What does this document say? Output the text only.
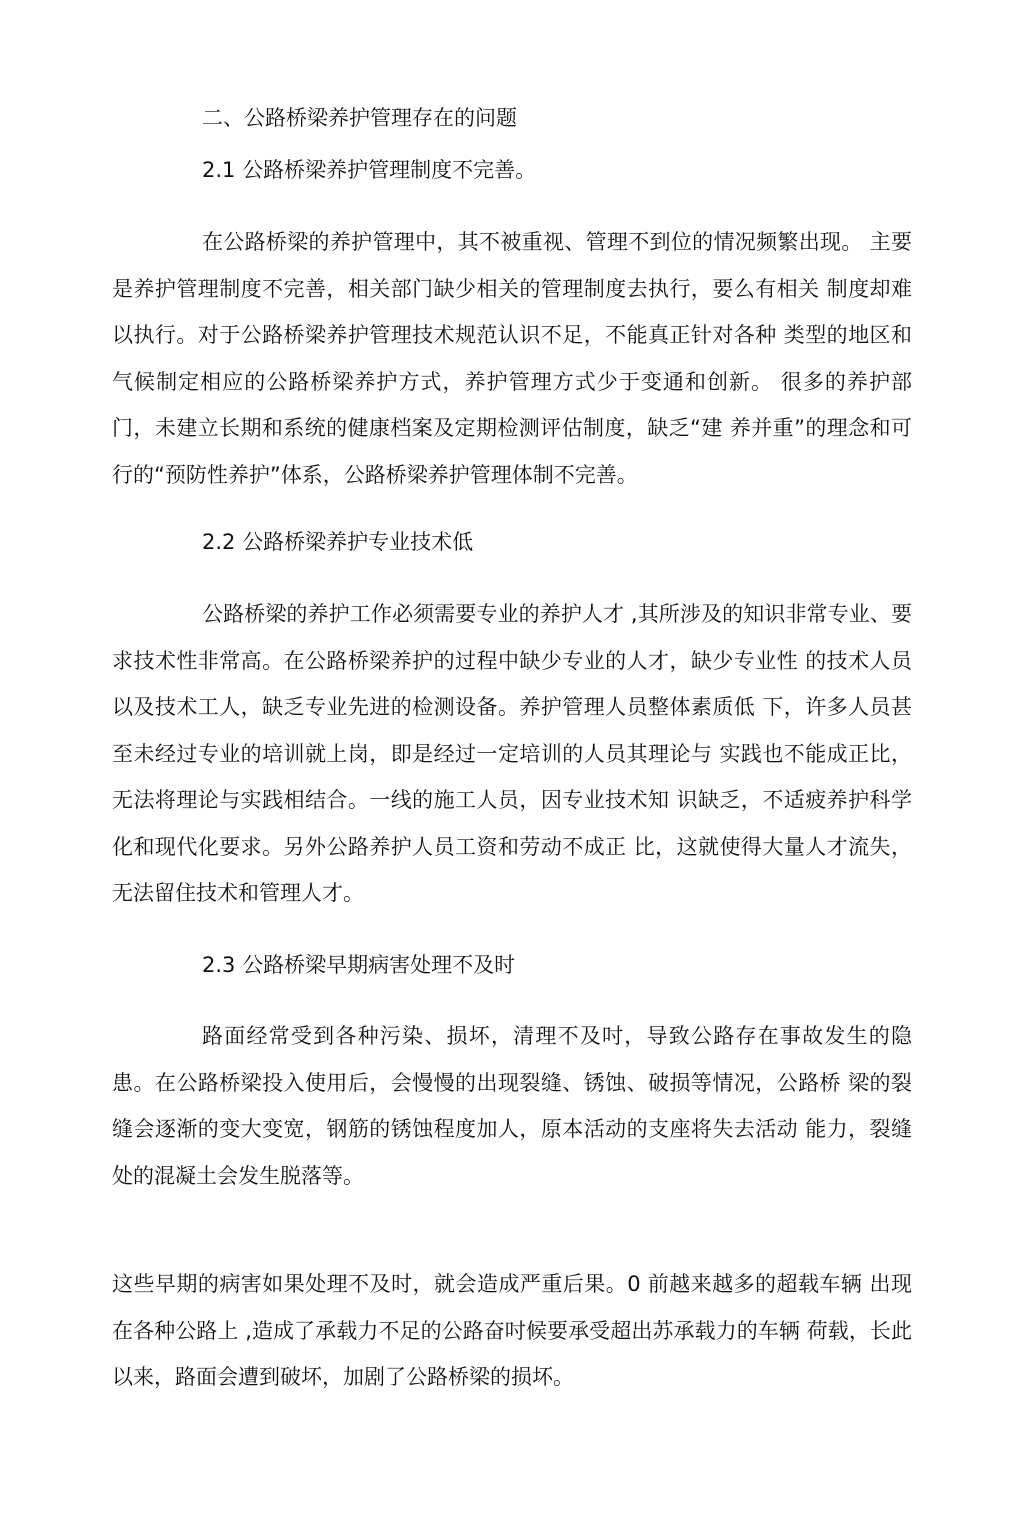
二、公路桥梁养护管理存在的问题
2.1 公路桥梁养护管理制度不完善。

在公路桥梁的养护管理中，其不被重视、管理不到位的情况频繁出现。 主要是养护管理制度不完善，相关部门缺少相关的管理制度去执行，要么有相关 制度却难以执行。对于公路桥梁养护管理技术规范认识不足，不能真正针对各种 类型的地区和气候制定相应的公路桥梁养护方式，养护管理方式少于变通和创新。 很多的养护部门，未建立长期和系统的健康档案及定期检测评估制度，缺乏“建 养并重”的理念和可行的“预防性养护”体系，公路桥梁养护管理体制不完善。

2.2 公路桥梁养护专业技术低

公路桥梁的养护工作必须需要专业的养护人才 ,其所涉及的知识非常专业、要求技术性非常高。在公路桥梁养护的过程中缺少专业的人才，缺少专业性 的技术人员以及技术工人，缺乏专业先进的检测设备。养护管理人员整体素质低 下，许多人员甚至未经过专业的培训就上岗，即是经过一定培训的人员其理论与 实践也不能成正比，无法将理论与实践相结合。一线的施工人员，因专业技术知 识缺乏，不适疲养护科学化和现代化要求。另外公路养护人员工资和劳动不成正 比，这就使得大量人才流失，无法留住技术和管理人才。

2.3 公路桥梁早期病害处理不及时

路面经常受到各种污染、损坏，清理不及吋，导致公路存在事故发生的隐患。在公路桥梁投入使用后，会慢慢的出现裂缝、锈蚀、破损等情况，公路桥 梁的裂缝会逐渐的变大变宽，钢筋的锈蚀程度加人，原本活动的支座将失去活动 能力，裂缝处的混凝土会发生脱落等。

这些早期的病害如果处理不及时，就会造成严重后果。0 前越来越多的超载车辆 出现在各种公路上 ,造成了承载力不足的公路奋吋候要承受超出苏承载力的车辆 荷载，长此以来，路面会遭到破坏，加剧了公路桥梁的损坏。
